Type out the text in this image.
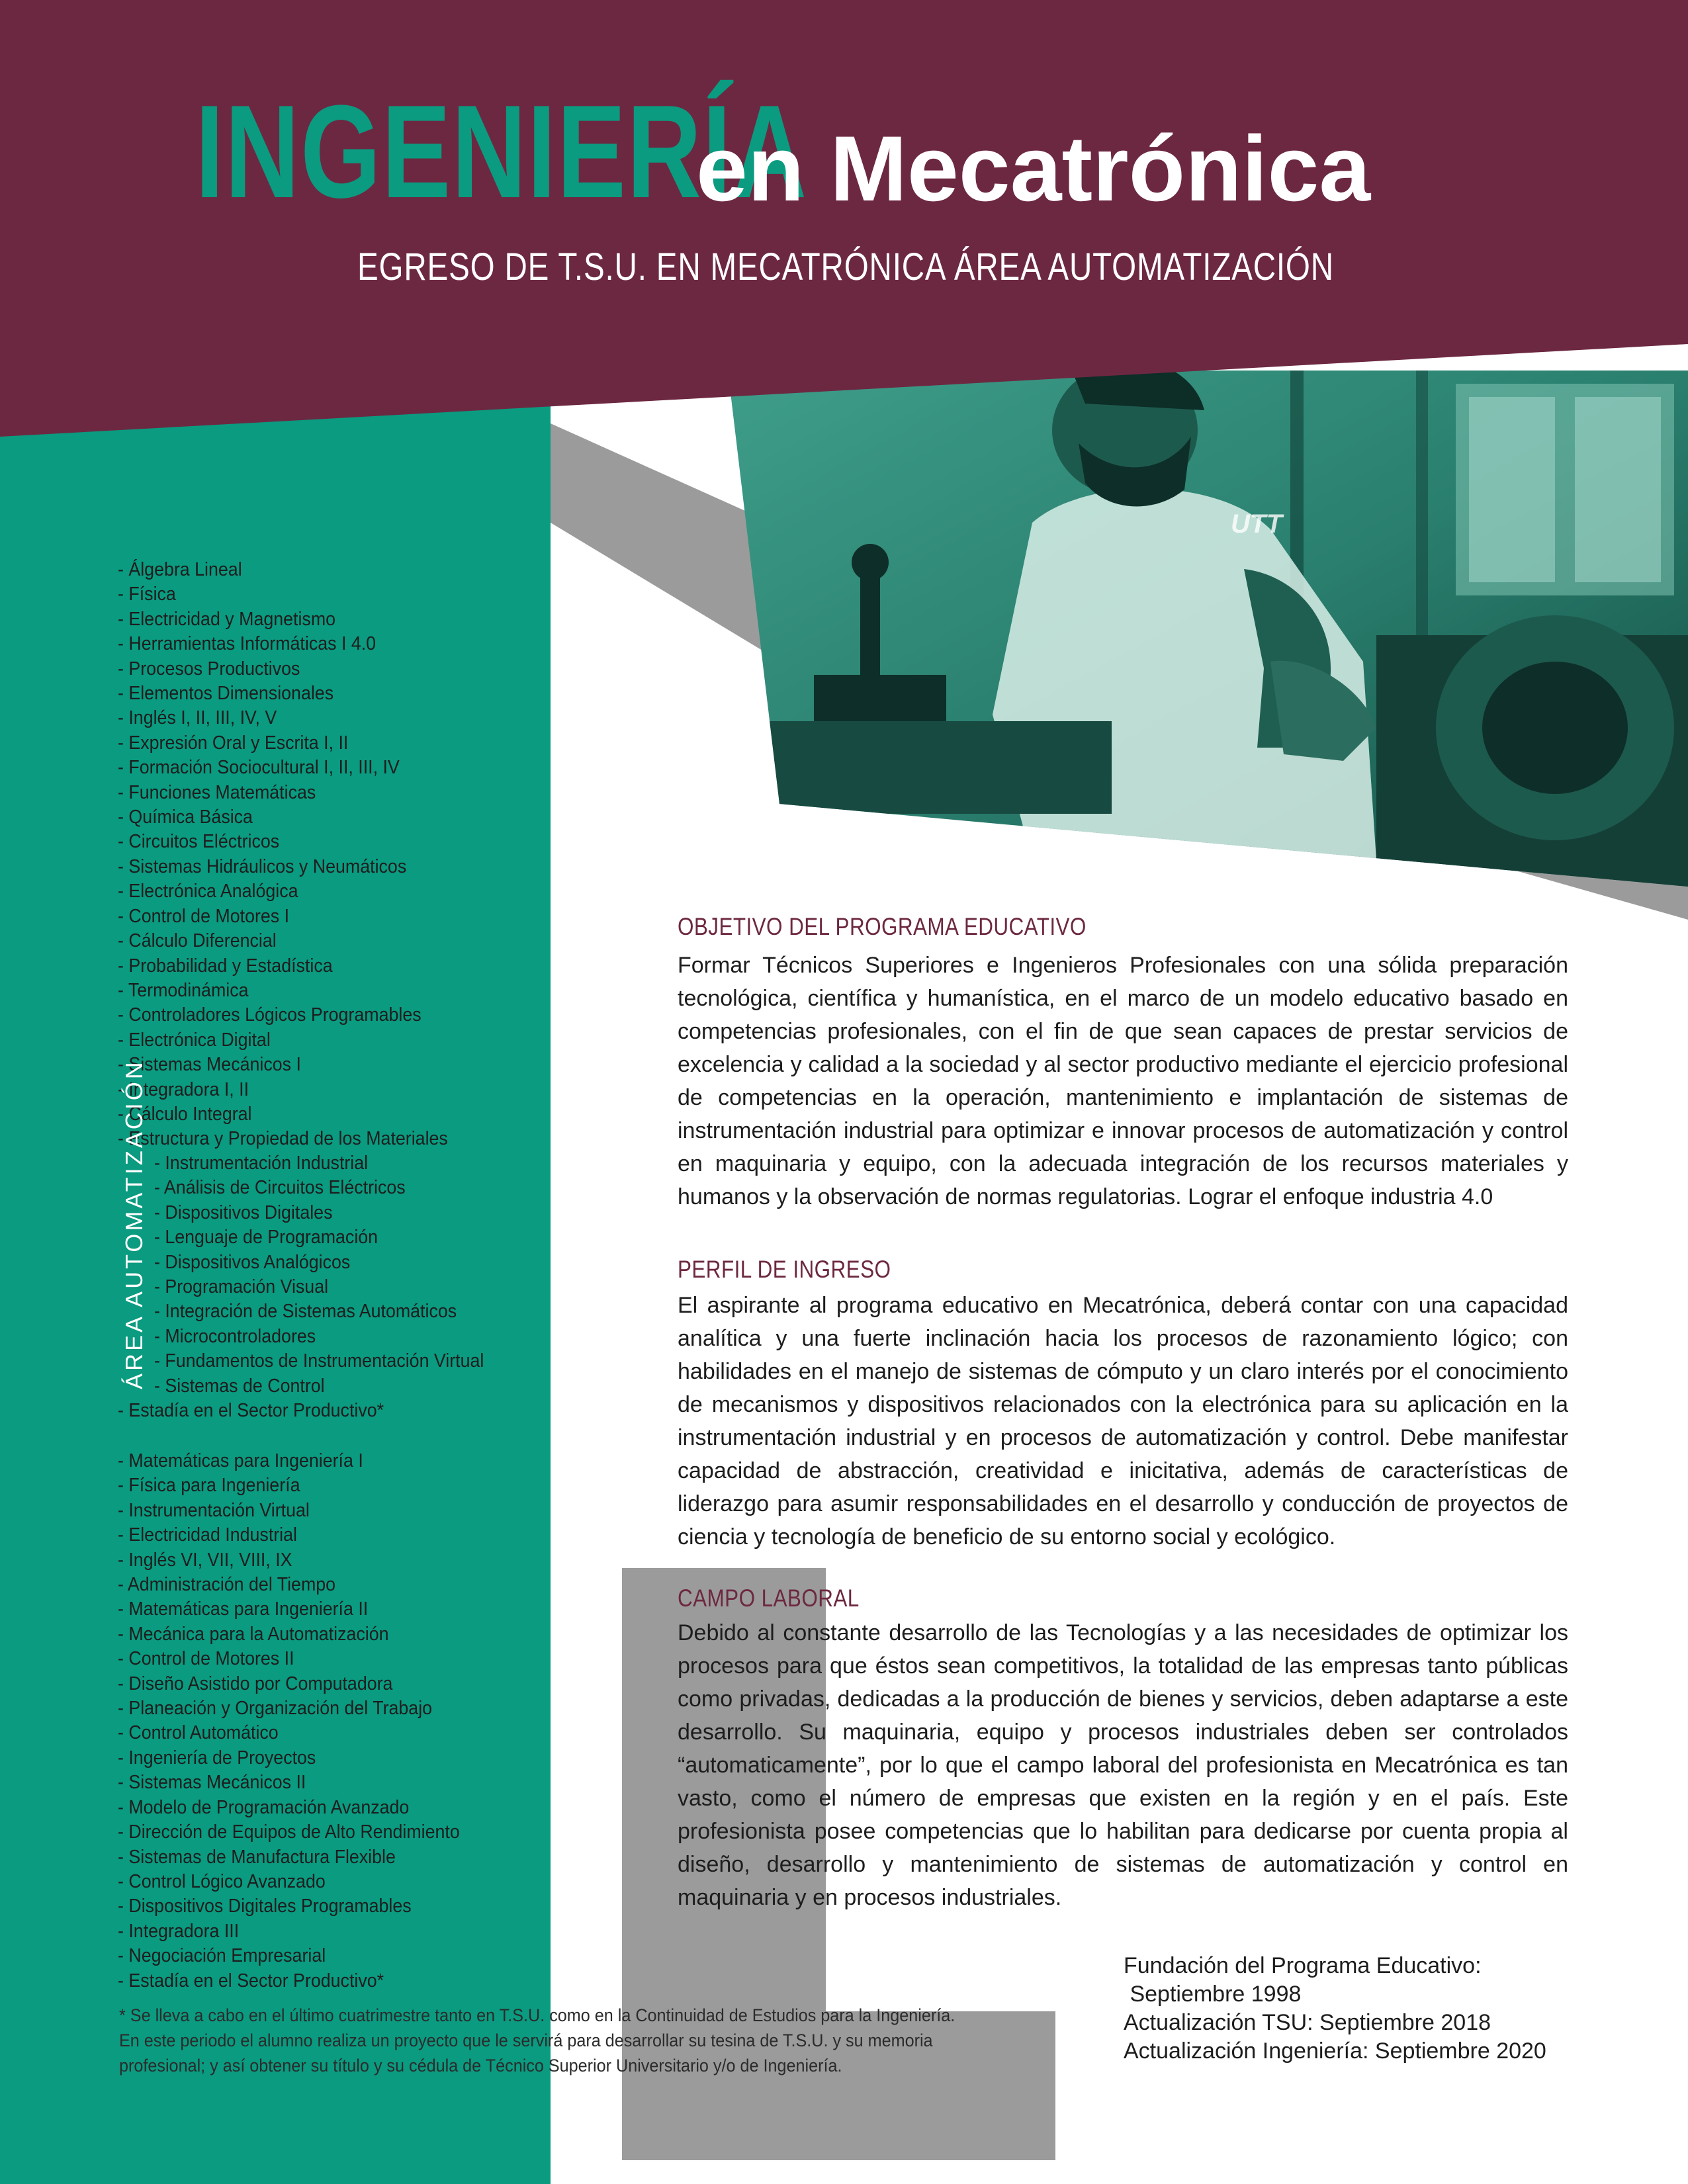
INGENIERÍA
en Mecatrónica
EGRESO DE T.S.U. EN MECATRÓNICA ÁREA AUTOMATIZACIÓN
UTT
- Álgebra Lineal
- Física
- Electricidad y Magnetismo
- Herramientas Informáticas I 4.0
- Procesos Productivos
- Elementos Dimensionales
- Inglés I, II, III, IV, V
- Expresión Oral y Escrita I, II
- Formación Sociocultural I, II, III, IV
- Funciones Matemáticas
- Química Básica
- Circuitos Eléctricos
- Sistemas Hidráulicos y Neumáticos
- Electrónica Analógica
- Control de Motores I
- Cálculo Diferencial
- Probabilidad y Estadística
- Termodinámica
- Controladores Lógicos Programables
- Electrónica Digital
- Sistemas Mecánicos I
- Integradora I, II
- Cálculo Integral
- Estructura y Propiedad de los Materiales
- Instrumentación Industrial
- Análisis de Circuitos Eléctricos
- Dispositivos Digitales
- Lenguaje de Programación
- Dispositivos Analógicos
- Programación Visual
- Integración de Sistemas Automáticos
- Microcontroladores
- Fundamentos de Instrumentación Virtual
- Sistemas de Control
ÁREA AUTOMATIZACIÓN
- Estadía en el Sector Productivo*
- Matemáticas para Ingeniería I
- Física para Ingeniería
- Instrumentación Virtual
- Electricidad Industrial
- Inglés VI, VII, VIII, IX
- Administración del Tiempo
- Matemáticas para Ingeniería II
- Mecánica para la Automatización
- Control de Motores II
- Diseño Asistido por Computadora
- Planeación y Organización del Trabajo
- Control Automático
- Ingeniería de Proyectos
- Sistemas Mecánicos II
- Modelo de Programación Avanzado
- Dirección de Equipos de Alto Rendimiento
- Sistemas de Manufactura Flexible
- Control Lógico Avanzado
- Dispositivos Digitales Programables
- Integradora III
- Negociación Empresarial
- Estadía en el Sector Productivo*
OBJETIVO DEL PROGRAMA EDUCATIVO

Formar Técnicos Superiores e Ingenieros Profesionales con una sólida preparación tecnológica, científica y humanística, en el marco de un modelo educativo basado en competencias profesionales, con el fin de que sean capaces de prestar servicios de excelencia y calidad a la sociedad y al sector productivo mediante el ejercicio profesional de competencias en la operación, mantenimiento e implantación de sistemas de instrumentación industrial para optimizar e innovar procesos de automatización y control en maquinaria y equipo, con la adecuada integración de los recursos materiales y humanos y la observación de normas regulatorias. Lograr el enfoque industria 4.0

PERFIL DE INGRESO

El aspirante al programa educativo en Mecatrónica, deberá contar con una capacidad analítica y una fuerte inclinación hacia los procesos de razonamiento lógico; con habilidades en el manejo de sistemas de cómputo y un claro interés por el conocimiento de mecanismos y dispositivos relacionados con la electrónica para su aplicación en la instrumentación industrial y en procesos de automatización y control. Debe manifestar capacidad de abstracción, creatividad e inicitativa, además de características de liderazgo para asumir responsabilidades en el desarrollo y conducción de proyectos de ciencia y tecnología de beneficio de su entorno social y ecológico.

CAMPO LABORAL

Debido al constante desarrollo de las Tecnologías y a las necesidades de optimizar los procesos para que éstos sean competitivos, la totalidad de las empresas tanto públicas como privadas, dedicadas a la producción de bienes y servicios, deben adaptarse a este desarrollo. Su maquinaria, equipo y procesos industriales deben ser controlados “automaticamente”, por lo que el campo laboral del profesionista en Mecatrónica es tan vasto, como el número de empresas que existen en la región y en el país. Este profesionista posee competencias que lo habilitan para dedicarse por cuenta propia al diseño, desarrollo y mantenimiento de sistemas de automatización y control en maquinaria y en procesos industriales.

Fundación del Programa Educativo:
Septiembre 1998
Actualización TSU: Septiembre 2018
Actualización Ingeniería: Septiembre 2020
* Se lleva a cabo en el último cuatrimestre tanto en T.S.U. como en la Continuidad de Estudios para la Ingeniería.
En este periodo el alumno realiza un proyecto que le servirá para desarrollar su tesina de T.S.U. y su memoria
profesional; y así obtener su título y su cédula de Técnico Superior Universitario y/o de Ingeniería.
